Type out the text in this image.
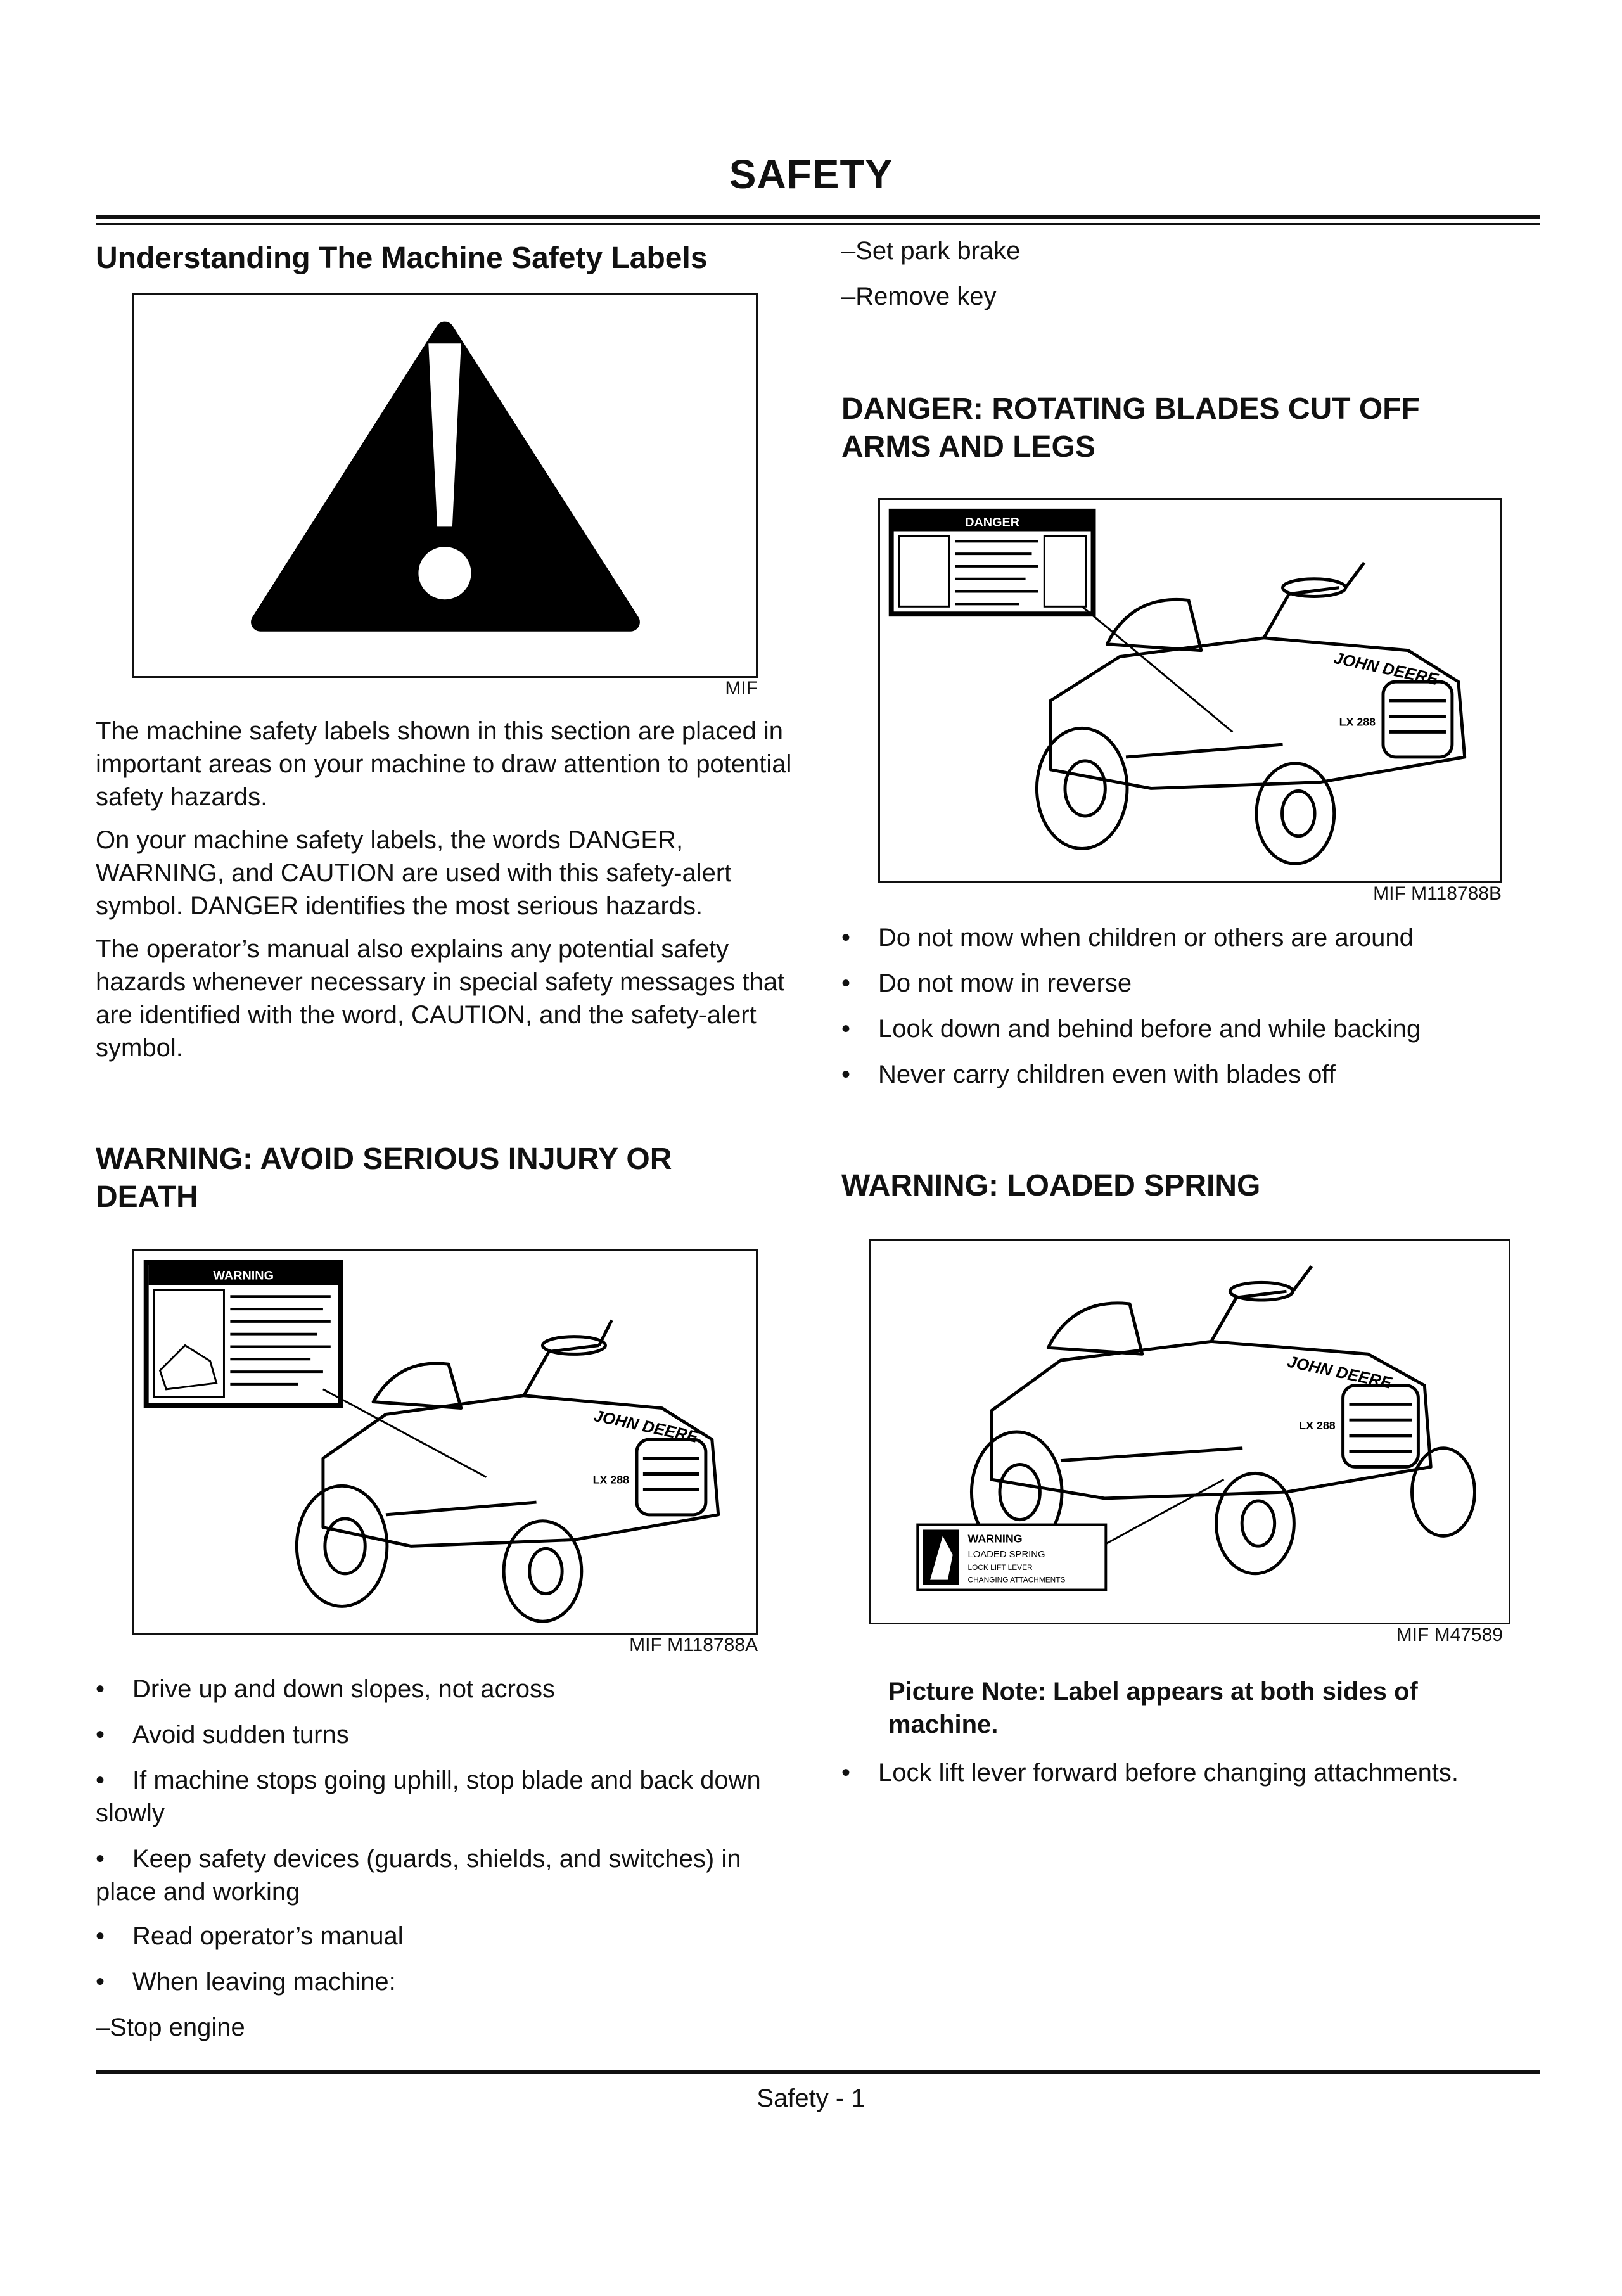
SAFETY
Understanding The Machine Safety Labels
MIF

The machine safety labels shown in this section are placed in important areas on your machine to draw attention to potential safety hazards.

On your machine safety labels, the words DANGER, WARNING, and CAUTION are used with this safety-alert symbol. DANGER identifies the most serious hazards.

The operator’s manual also explains any potential safety hazards whenever necessary in special safety messages that are identified with the word, CAUTION, and the safety-alert symbol.

WARNING: AVOID SERIOUS INJURY OR DEATH
WARNING
JOHN DEERE
LX 288
MIF M118788A
• Drive up and down slopes, not across
• Avoid sudden turns
• If machine stops going uphill, stop blade and back down slowly
• Keep safety devices (guards, shields, and switches) in place and working
• Read operator’s manual
• When leaving machine:
–Stop engine
–Set park brake
–Remove key
DANGER: ROTATING BLADES CUT OFF ARMS AND LEGS
DANGER
JOHN DEERE
LX 288
MIF M118788B
• Do not mow when children or others are around
• Do not mow in reverse
• Look down and behind before and while backing
• Never carry children even with blades off
WARNING: LOADED SPRING
JOHN DEERE
LX 288
WARNING
LOADED SPRING
LOCK LIFT LEVER
CHANGING ATTACHMENTS
MIF M47589
Picture Note: Label appears at both sides of machine.
• Lock lift lever forward before changing attachments.
Safety - 1
